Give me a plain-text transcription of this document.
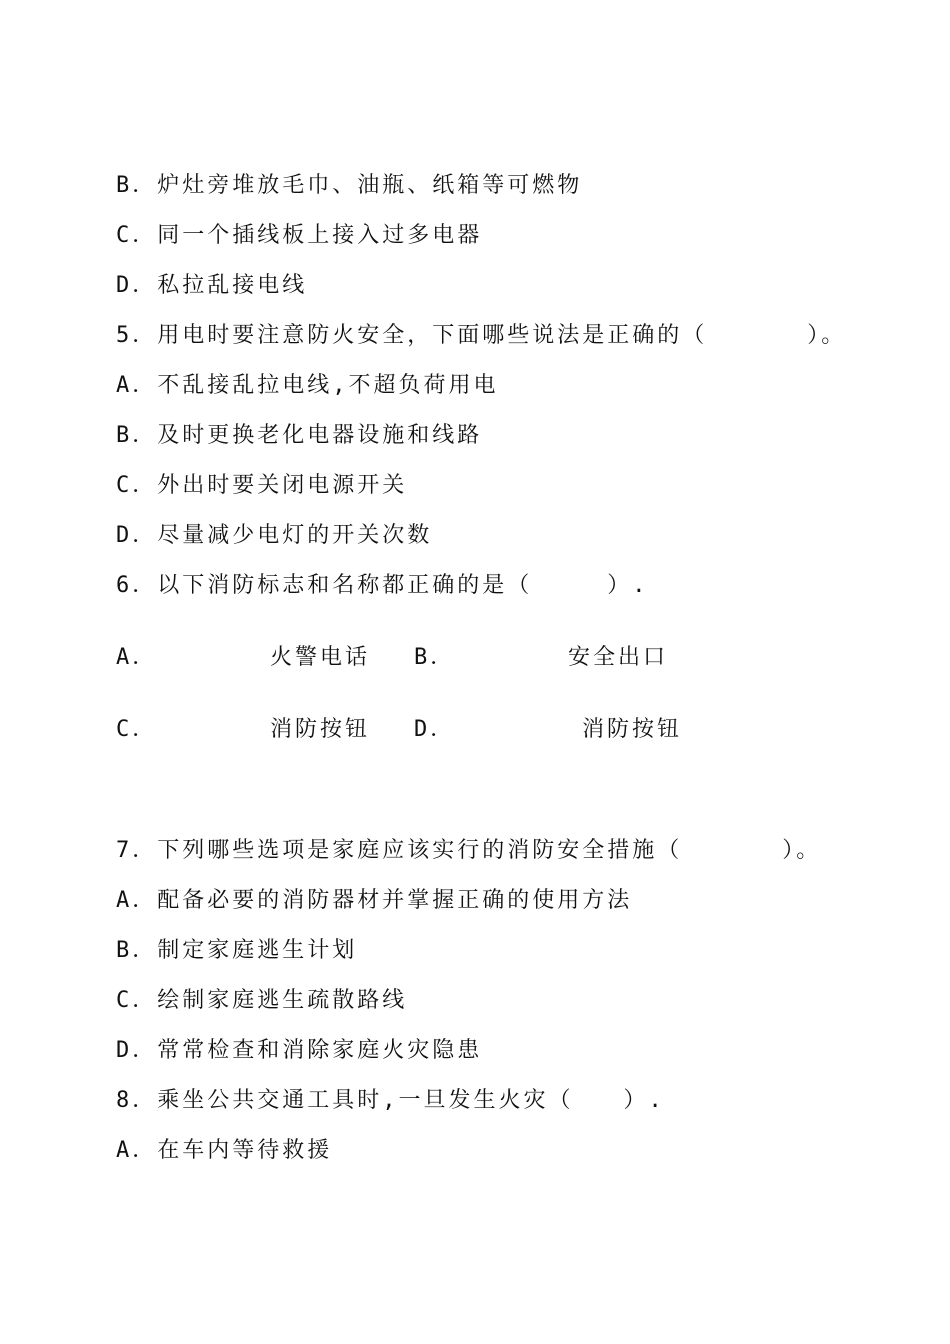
B．炉灶旁堆放毛巾、油瓶、纸箱等可燃物
C．同一个插线板上接入过多电器
D．私拉乱接电线
5．用电时要注意防火安全，下面哪些说法是正确的（　　　　）。
A．不乱接乱拉电线,不超负荷用电
B．及时更换老化电器设施和线路
C．外出时要关闭电源开关
D．尽量减少电灯的开关次数
6．以下消防标志和名称都正确的是（　　　）.
A．	火警电话 B．	安全出口
C．	消防按钮 D．	消防按钮
7．下列哪些选项是家庭应该实行的消防安全措施（　　　　）。
A．配备必要的消防器材并掌握正确的使用方法
B．制定家庭逃生计划
C．绘制家庭逃生疏散路线
D．常常检查和消除家庭火灾隐患
8．乘坐公共交通工具时,一旦发生火灾（　　）.
A．在车内等待救援
